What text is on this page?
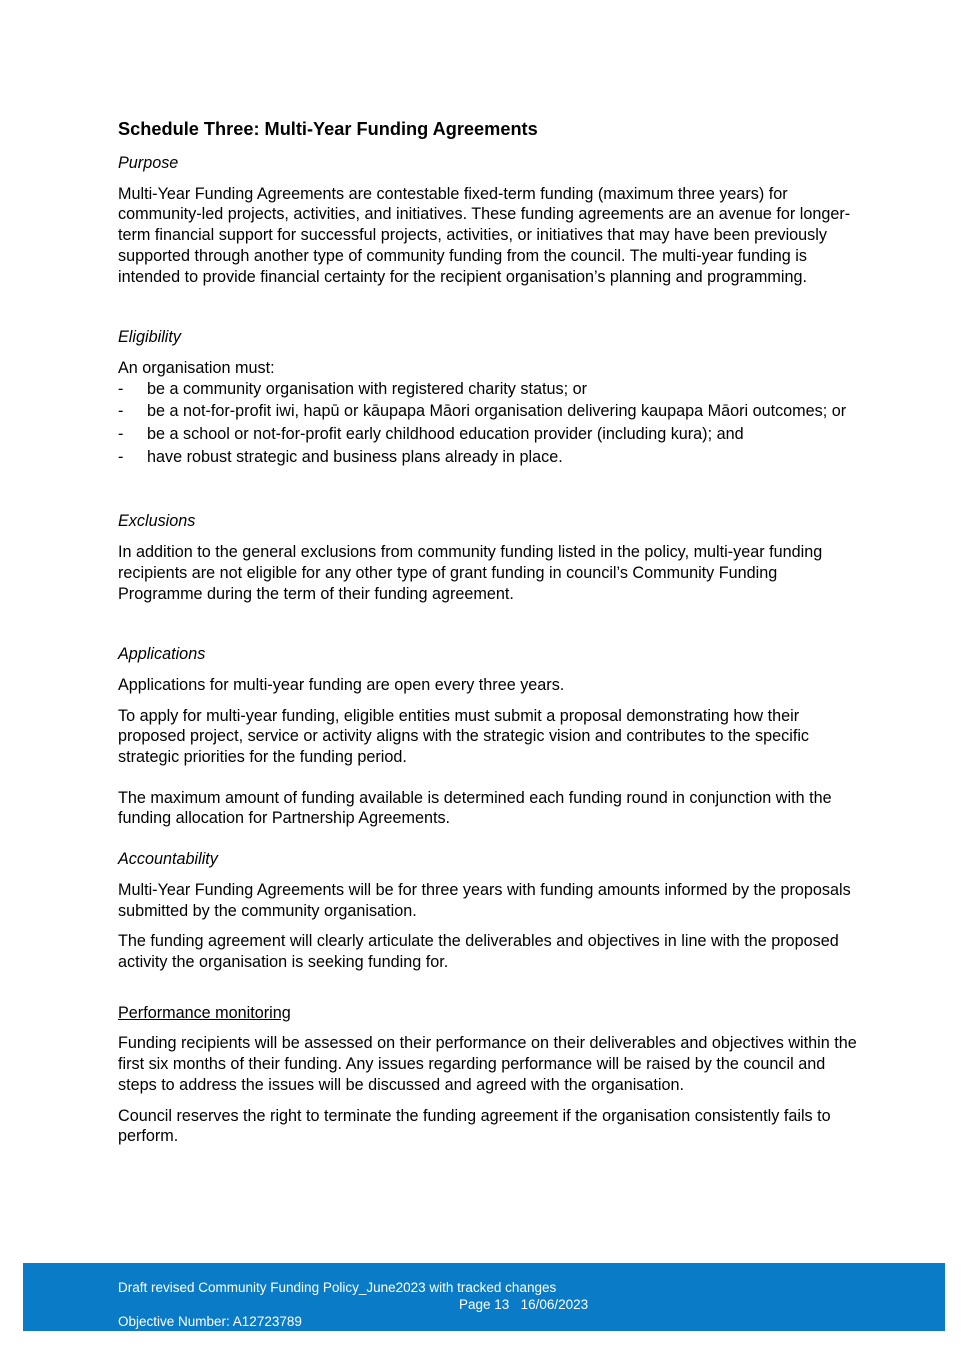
Schedule Three: Multi-Year Funding Agreements
Purpose

Multi-Year Funding Agreements are contestable fixed-term funding (maximum three years) for community-led projects, activities, and initiatives. These funding agreements are an avenue for longer-term financial support for successful projects, activities, or initiatives that may have been previously supported through another type of community funding from the council. The multi-year funding is intended to provide financial certainty for the recipient organisation’s planning and programming.

Eligibility
An organisation must:
- be a community organisation with registered charity status; or
- be a not-for-profit iwi, hapū or kāupapa Māori organisation delivering kaupapa Māori outcomes; or
- be a school or not-for-profit early childhood education provider (including kura); and
- have robust strategic and business plans already in place.
Exclusions

In addition to the general exclusions from community funding listed in the policy, multi-year funding recipients are not eligible for any other type of grant funding in council’s Community Funding Programme during the term of their funding agreement.

Applications

Applications for multi-year funding are open every three years.

To apply for multi-year funding, eligible entities must submit a proposal demonstrating how their proposed project, service or activity aligns with the strategic vision and contributes to the specific strategic priorities for the funding period.

The maximum amount of funding available is determined each funding round in conjunction with the funding allocation for Partnership Agreements.

Accountability

Multi-Year Funding Agreements will be for three years with funding amounts informed by the proposals submitted by the community organisation.

The funding agreement will clearly articulate the deliverables and objectives in line with the proposed activity the organisation is seeking funding for.

Performance monitoring

Funding recipients will be assessed on their performance on their deliverables and objectives within the first six months of their funding. Any issues regarding performance will be raised by the council and steps to address the issues will be discussed and agreed with the organisation.

Council reserves the right to terminate the funding agreement if the organisation consistently fails to perform.

Draft revised Community Funding Policy_June2023 with tracked changes
Page 13 16/06/2023
Objective Number: A12723789
